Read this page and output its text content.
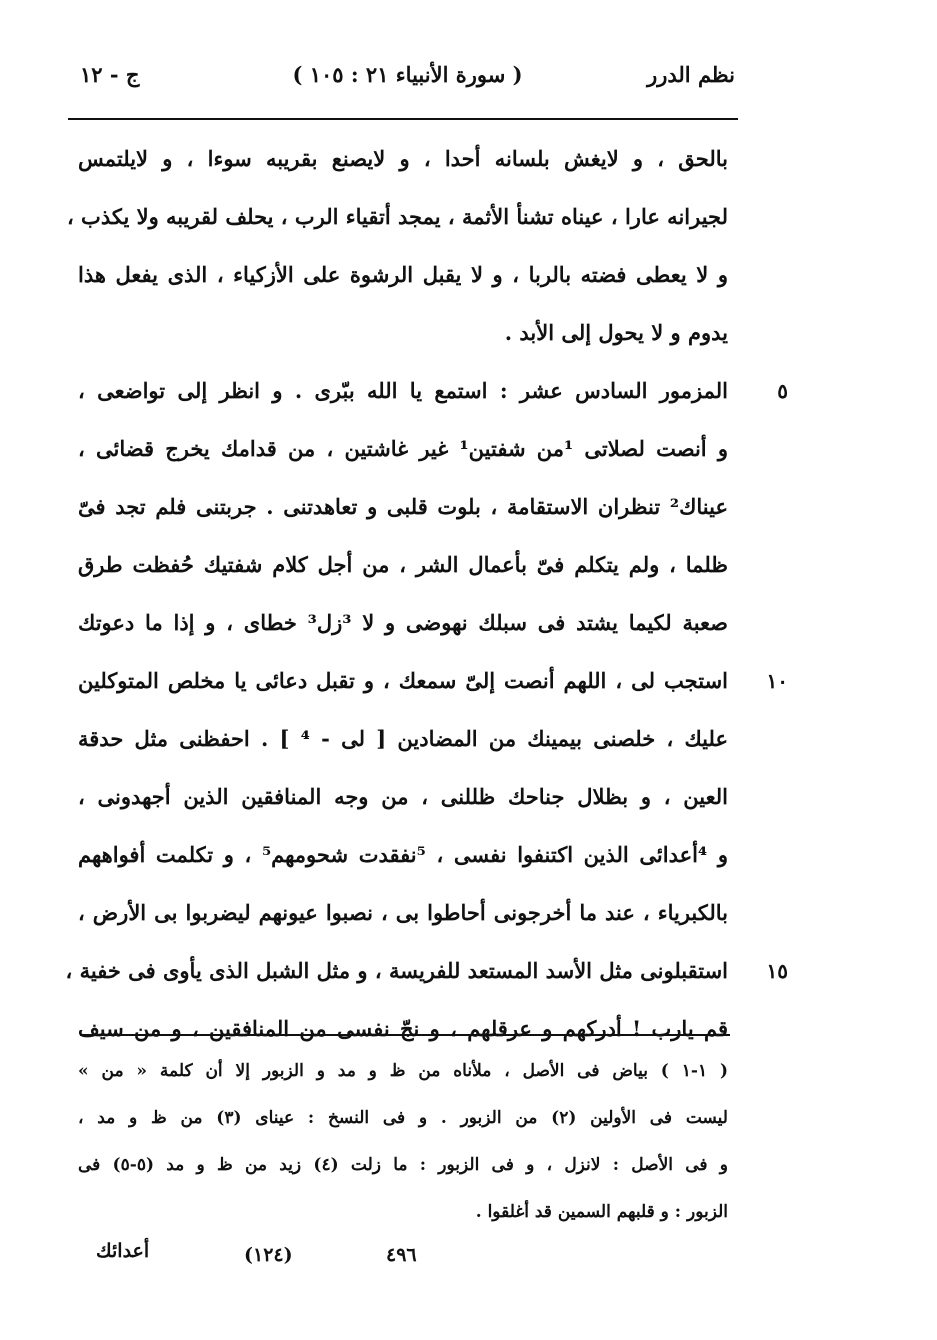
نظم الدرر
( سورة الأنبياء ٢١ : ١٠٥ )
ج - ١٢
بالحق ، و لايغش بلسانه أحدا ، و لايصنع بقريبه سوءا ، و لايلتمس
لجيرانه عارا ، عيناه تشنأ الأثمة ، يمجد أتقياء الرب ، يحلف لقريبه ولا يكذب ،
و لا يعطى فضته بالربا ، و لا يقبل الرشوة على الأزكياء ، الذى يفعل هذا
يدوم و لا يحول إلى الأبد .
٥
المزمور السادس عشر : استمع يا الله ببّرى . و انظر إلى تواضعى ،
و أنصت لصلاتى ¹من شفتين¹ غير غاشتين ، من قدامك يخرج قضائى ،
عيناك² تنظران الاستقامة ، بلوت قلبى و تعاهدتنى . جربتنى فلم تجد فىّ
ظلما ، ولم يتكلم فىّ بأعمال الشر ، من أجل كلام شفتيك حُفظت طرق
صعبة لكيما يشتد فى سبلك نهوضى و لا ³زل³ خطاى ، و إذا ما دعوتك
١٠
استجب لى ، اللهم أنصت إلىّ سمعك ، و تقبل دعائى يا مخلص المتوكلين
عليك ، خلصنى بيمينك من المضادين [ لى - ⁴ ] . احفظنى مثل حدقة
العين ، و بظلال جناحك ظللنى ، من وجه المنافقين الذين أجهدونى ،
و ⁴أعدائى الذين اكتنفوا نفسى ، ⁵نفقدت شحومهم⁵ ، و تكلمت أفواههم
بالكبرياء ، عند ما أخرجونى أحاطوا بى ، نصبوا عيونهم ليضربوا بى الأرض ،
١٥
استقبلونى مثل الأسد المستعد للفريسة ، و مثل الشبل الذى يأوى فى خفية ،
قم يارب ! أدركهم و عرقلهم ، و نجّ نفسى من المنافقين ، و من سيف
( ١-١ ) بياض فى الأصل ، ملأناه من ظ و مد و الزبور إلا أن كلمة « من »
ليست فى الأولين (٢) من الزبور . و فى النسخ : عيناى (٣) من ظ و مد ،
و فى الأصل : لانزل ، و فى الزبور : ما زلت (٤) زيد من ظ و مد (٥-٥) فى
الزبور : و قلبهم السمين قد أغلقوا .
أعدائك	(١٢٤)	٤٩٦
